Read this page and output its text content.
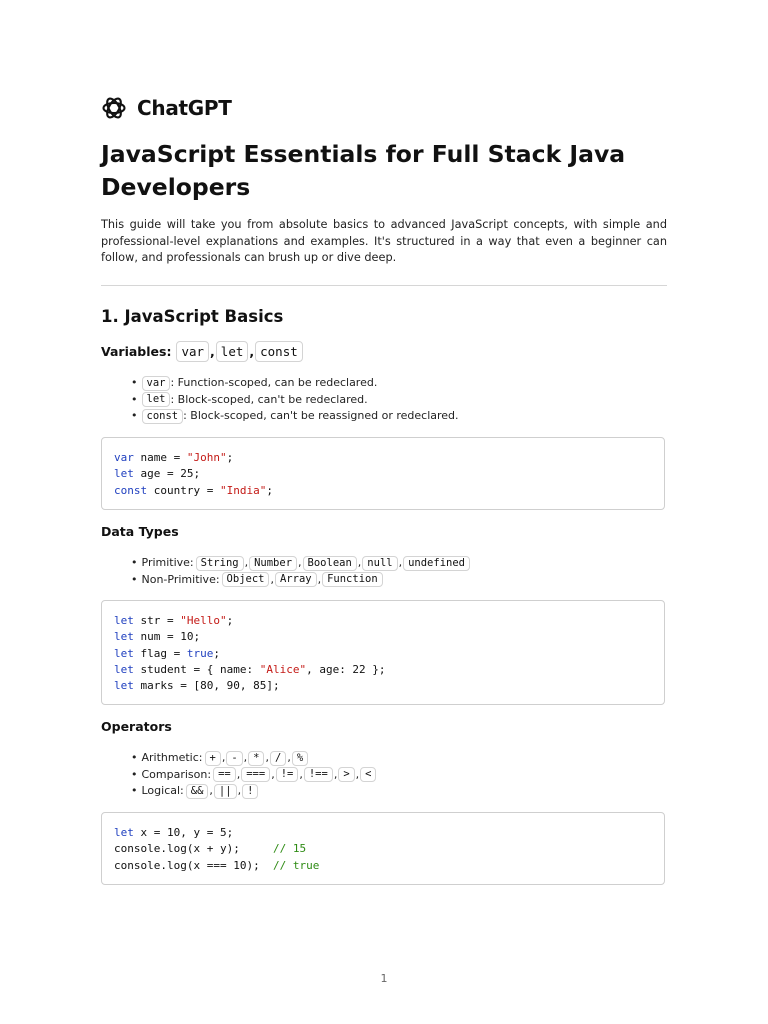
ChatGPT
JavaScript Essentials for Full Stack Java Developers

This guide will take you from absolute basics to advanced JavaScript concepts, with simple and professional-level explanations and examples. It's structured in a way that even a beginner can follow, and professionals can brush up or dive deep.

1. JavaScript Basics
Variables: var , let , const
• var : Function-scoped, can be redeclared.
• let : Block-scoped, can't be redeclared.
• const : Block-scoped, can't be reassigned or redeclared.
var name = "John";
let age = 25;
const country = "India";
Data Types
• Primitive: String , Number , Boolean , null , undefined
• Non-Primitive: Object , Array , Function
let str = "Hello";
let num = 10;
let flag = true;
let student = { name: "Alice", age: 22 };
let marks = [80, 90, 85];
Operators
• Arithmetic: + , - , * , / , %
• Comparison: == , === , != , !== , > , <
• Logical: && , || , !
let x = 10, y = 5;
console.log(x + y);     // 15
console.log(x === 10);  // true
1
